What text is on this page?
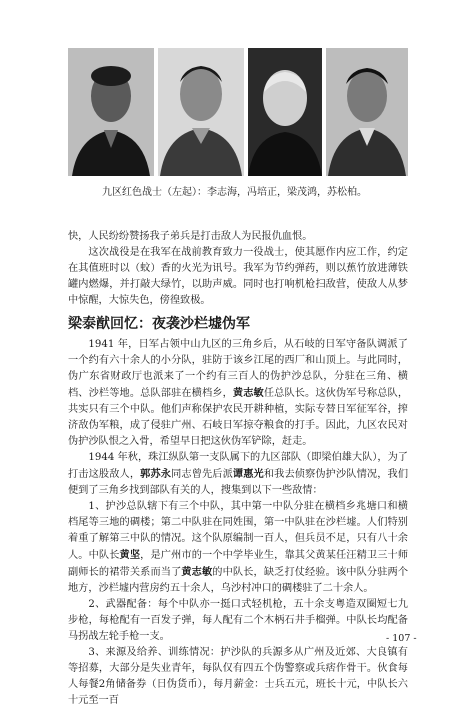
九区红色战士（左起）：李志海，冯培正，梁茂鸿，苏松柏。

快，人民纷纷赞扬我子弟兵是打击敌人为民报仇血恨。

这次战役是在我军在战前教育致力一役战士，使其愿作内应工作，约定在其值班时以（蚊）香的火光为讯号。我军为节约弹药，则以蕉竹放进薄铁罐内燃爆，并打敲大绿竹，以助声威。同时也打响机枪扫敌营，使敌人从梦中惊醒，大惊失色，傍徨致极。

梁泰猷回忆：夜袭沙栏墟伪军

1941 年，日军占领中山九区的三角乡后，从石岐的日军守备队调派了一个约有六十余人的小分队，驻防于该乡江尾的西厂和山顶上。与此同时，伪广东省财政厅也派来了一个约有三百人的伪护沙总队，分驻在三角、横档、沙栏等地。总队部驻在横档乡，黄志敏任总队长。这伙伪军号称总队，共实只有三个中队。他们声称保护农民开耕种植，实际专替日军征军谷，搾济敌伪军粮，成了侵驻广州、石岐日军掠夺粮食的打手。因此，九区农民对伪护沙队恨之入骨，希望早日把这伙伪军铲除，赶走。

1944 年秋，珠江纵队第一支队属下的九区部队（即梁伯雄大队），为了打击这股敌人，郭苏永同志曾先后派谭惠光和我去侦察伪护沙队情况，我们便到了三角乡找到部队有关的人，搜集到以下一些敌情：

1、护沙总队辖下有三个中队，其中第一中队分驻在横档乡兆塘口和横档尾等三地的碉楼；第二中队驻在同姓围，第一中队驻在沙栏墟。人们特别着重了解第三中队的情况。这个队原编制一百人，但兵员不足，只有八十余人。中队长黄坚，是广州市的一个中学毕业生，靠其父黄某任汪精卫三十师副师长的裙带关系而当了黄志敏的中队长，缺乏打仗经验。该中队分驻两个地方，沙栏墟内营房约五十余人，乌沙村冲口的碉楼驻了二十余人。

2、武器配备：每个中队亦一挺口式轻机枪，五十余支粤造双圈短七九步枪，每枪配有一百发子弹，每人配有二个木柄石井手榴弹。中队长均配备马拐战左轮手枪一支。

3、来源及给养、训练情况：护沙队的兵源多从广州及近郊、大良镇有等招募，大部分是失业青年，每队仅有四五个伪警察或兵痞作骨干。伙食每人每餐2角储备券（日伪货币），每月薪金：士兵五元，班长十元，中队长六十元至一百

- 107 -
